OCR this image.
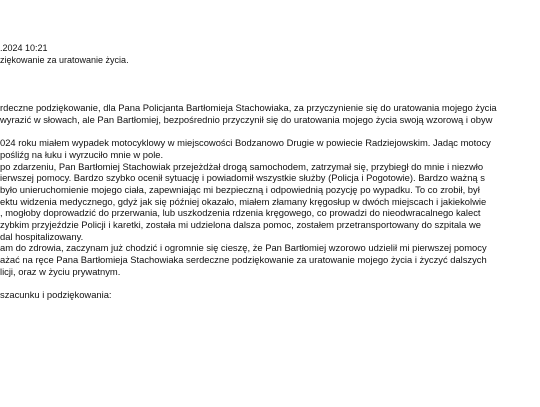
.2024 10:21
ziękowanie za uratowanie życia.

rdeczne podziękowanie, dla Pana Policjanta Bartłomieja Stachowiaka, za przyczynienie się do uratowania mojego życia

wyrazić w słowach, ale Pan Bartłomiej, bezpośrednio przyczynił się do uratowania mojego życia swoją wzorową i obyw

024 roku miałem wypadek motocyklowy w miejscowości Bodzanowo Drugie w powiecie Radziejowskim. Jadąc motocy

pośliźg na łuku i wyrzuciło mnie w pole.

po zdarzeniu, Pan Bartłomiej Stachowiak przejeżdżał drogą samochodem, zatrzymał się, przybiegł do mnie i niezwło

ierwszej pomocy. Bardzo szybko ocenił sytuację i powiadomił wszystkie służby (Policja i Pogotowie). Bardzo ważną s

było unieruchomienie mojego ciała, zapewniając mi bezpieczną i odpowiednią pozycję po wypadku. To co zrobił, był

ektu widzenia medycznego, gdyż jak się później okazało, miałem złamany kręgosłup w dwóch miejscach i jakiekolwie

, mogłoby doprowadzić do przerwania, lub uszkodzenia rdzenia kręgowego, co prowadzi do nieodwracalnego kalect

zybkim przyjeździe Policji i karetki, została mi udzielona dalsza pomoc, zostałem przetransportowany do szpitala we

dal hospitalizowany.

am do zdrowia, zaczynam już chodzić i ogromnie się cieszę, że Pan Bartłomiej wzorowo udzielił mi pierwszej pomocy

ażać na ręce Pana Bartłomieja Stachowiaka serdeczne podziękowanie za uratowanie mojego życia i życzyć dalszych

licji, oraz w życiu prywatnym.

szacunku i podziękowania:
